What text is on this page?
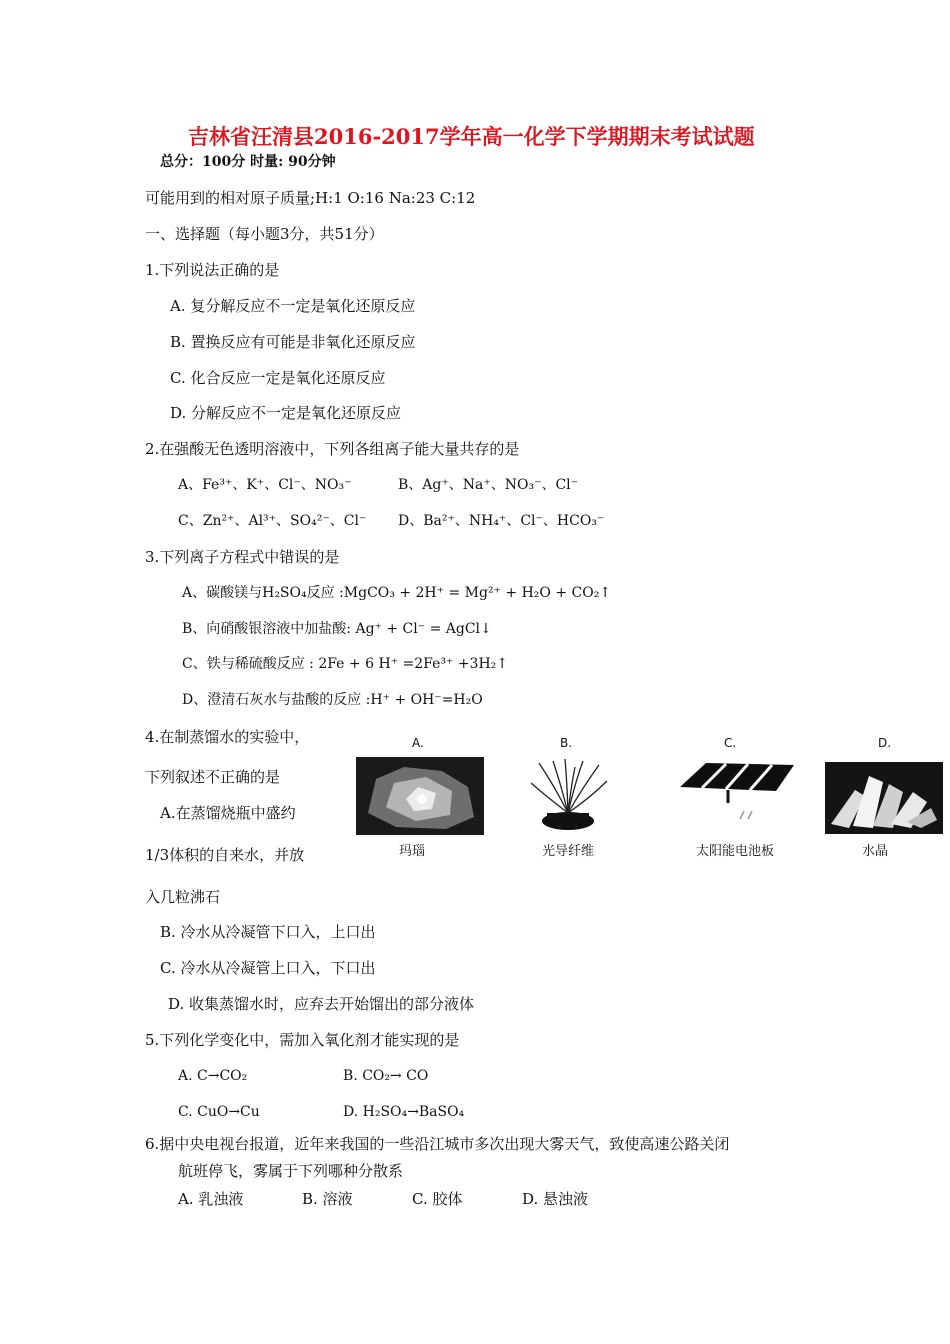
吉林省汪清县2016-2017学年高一化学下学期期末考试试题
总分：100分 时量: 90分钟
可能用到的相对原子质量;H:1 O:16 Na:23 C:12
一、选择题（每小题3分，共51分）
1.下列说法正确的是
A. 复分解反应不一定是氧化还原反应
B. 置换反应有可能是非氧化还原反应
C. 化合反应一定是氧化还原反应
D. 分解反应不一定是氧化还原反应
2.在强酸无色透明溶液中，下列各组离子能大量共存的是
A、Fe³⁺、K⁺、Cl⁻、NO₃⁻	B、Ag⁺、Na⁺、NO₃⁻、Cl⁻
C、Zn²⁺、Al³⁺、SO₄²⁻、Cl⁻ D、Ba²⁺、NH₄⁺、Cl⁻、HCO₃⁻
3.下列离子方程式中错误的是
A、碳酸镁与H₂SO₄反应 :MgCO₃ + 2H⁺ = Mg²⁺ + H₂O + CO₂↑
B、向硝酸银溶液中加盐酸: Ag⁺ + Cl⁻ = AgCl↓
C、铁与稀硫酸反应 : 2Fe + 6 H⁺ =2Fe³⁺ +3H₂↑
D、澄清石灰水与盐酸的反应 :H⁺ + OH⁻=H₂O
4.在制蒸馏水的实验中，
下列叙述不正确的是
A.在蒸馏烧瓶中盛约
1/3体积的自来水，并放
入几粒沸石
B. 冷水从冷凝管下口入，上口出
C. 冷水从冷凝管上口入，下口出
D. 收集蒸馏水时，应弃去开始馏出的部分液体
A.	B.	C.	D.
玛瑙	光导纤维	太阳能电池板	水晶
5.下列化学变化中，需加入氧化剂才能实现的是
A. C→CO₂	B. CO₂→ CO
C. CuO→Cu	D. H₂SO₄→BaSO₄
6.据中央电视台报道，近年来我国的一些沿江城市多次出现大雾天气，致使高速公路关闭
航班停飞，雾属于下列哪种分散系
A. 乳浊液	B. 溶液	C. 胶体	D. 悬浊液
